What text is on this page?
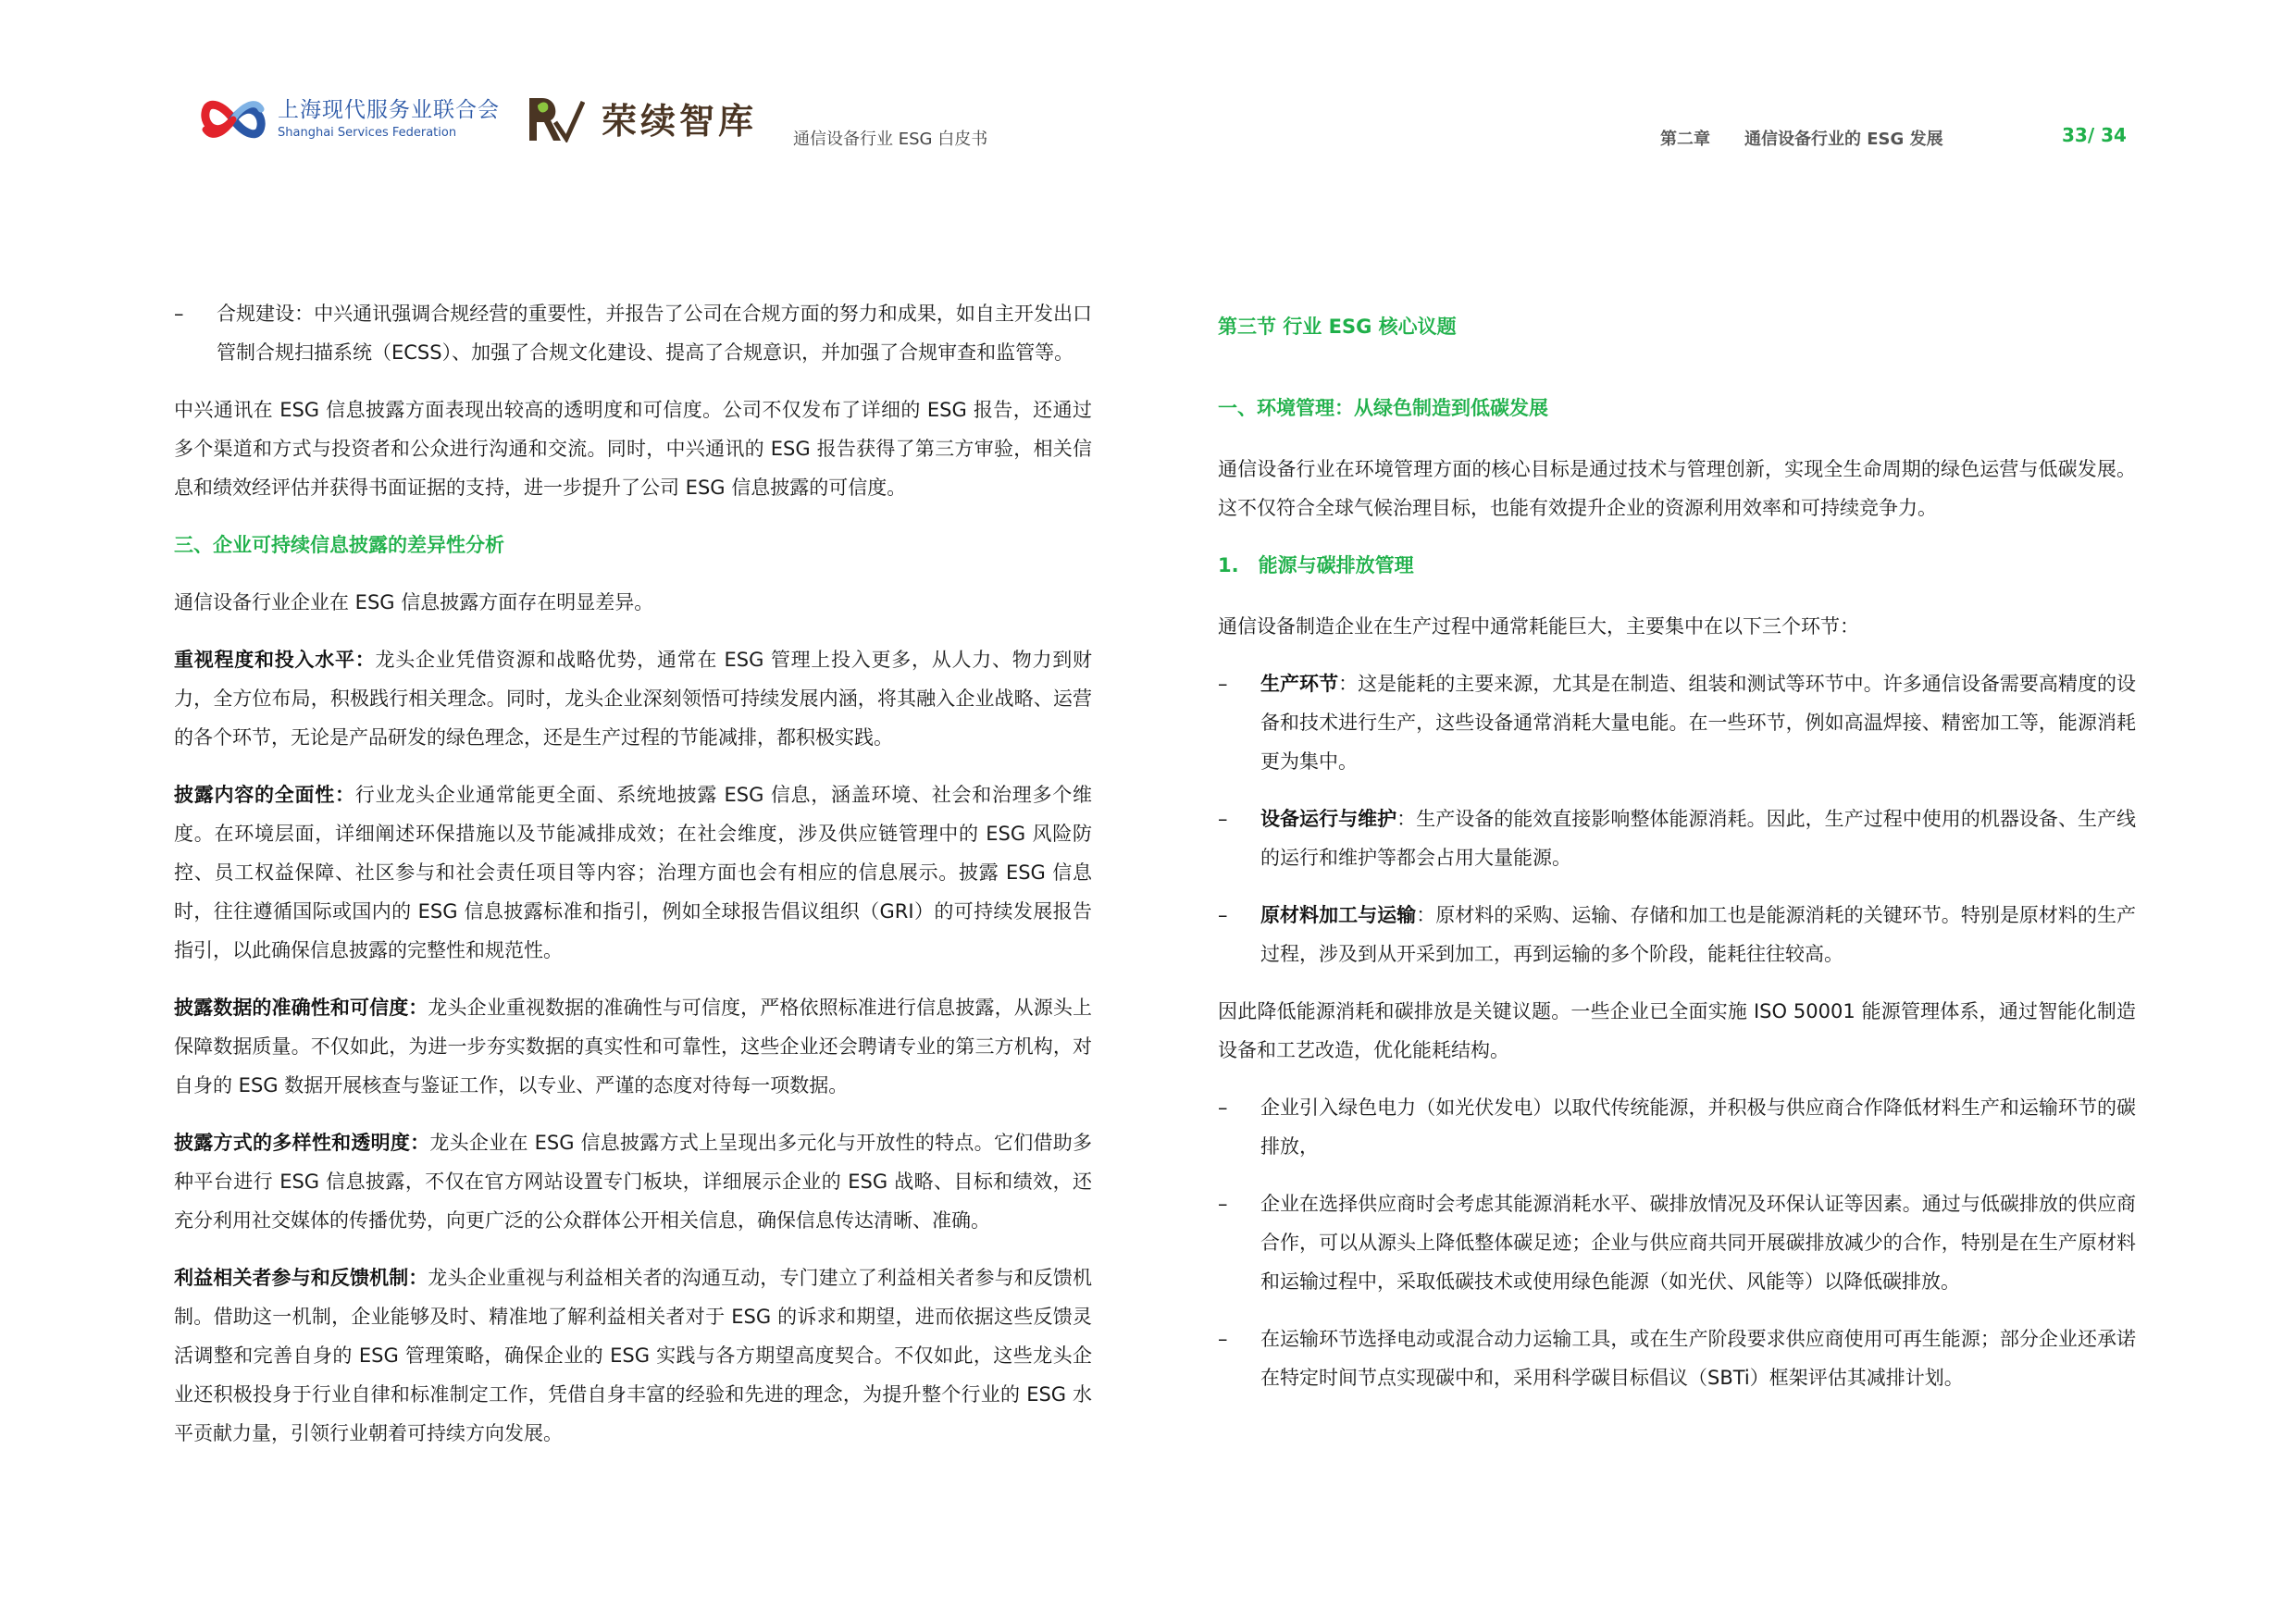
上海现代服务业联合会
Shanghai Services Federation	荣续智库 通信设备行业 ESG 白皮书	第二章 通信设备行业的 ESG 发展	33/ 34
–	合规建设：中兴通讯强调合规经营的重要性，并报告了公司在合规方面的努力和成果，如自主开发出口管制合规扫描系统（ECSS）、加强了合规文化建设、提高了合规意识，并加强了合规审查和监管等。

中兴通讯在 ESG 信息披露方面表现出较高的透明度和可信度。公司不仅发布了详细的 ESG 报告，还通过多个渠道和方式与投资者和公众进行沟通和交流。同时，中兴通讯的 ESG 报告获得了第三方审验，相关信息和绩效经评估并获得书面证据的支持，进一步提升了公司 ESG 信息披露的可信度。

三、企业可持续信息披露的差异性分析

通信设备行业企业在 ESG 信息披露方面存在明显差异。

重视程度和投入水平：龙头企业凭借资源和战略优势，通常在 ESG 管理上投入更多，从人力、物力到财力，全方位布局，积极践行相关理念。同时，龙头企业深刻领悟可持续发展内涵，将其融入企业战略、运营的各个环节，无论是产品研发的绿色理念，还是生产过程的节能减排，都积极实践。

披露内容的全面性：行业龙头企业通常能更全面、系统地披露 ESG 信息，涵盖环境、社会和治理多个维度。在环境层面，详细阐述环保措施以及节能减排成效；在社会维度，涉及供应链管理中的 ESG 风险防控、员工权益保障、社区参与和社会责任项目等内容；治理方面也会有相应的信息展示。披露 ESG 信息时，往往遵循国际或国内的 ESG 信息披露标准和指引，例如全球报告倡议组织（GRI）的可持续发展报告指引，以此确保信息披露的完整性和规范性。

披露数据的准确性和可信度：龙头企业重视数据的准确性与可信度，严格依照标准进行信息披露，从源头上保障数据质量。不仅如此，为进一步夯实数据的真实性和可靠性，这些企业还会聘请专业的第三方机构，对自身的 ESG 数据开展核查与鉴证工作，以专业、严谨的态度对待每一项数据。

披露方式的多样性和透明度：龙头企业在 ESG 信息披露方式上呈现出多元化与开放性的特点。它们借助多种平台进行 ESG 信息披露，不仅在官方网站设置专门板块，详细展示企业的 ESG 战略、目标和绩效，还充分利用社交媒体的传播优势，向更广泛的公众群体公开相关信息，确保信息传达清晰、准确。

利益相关者参与和反馈机制：龙头企业重视与利益相关者的沟通互动，专门建立了利益相关者参与和反馈机制。借助这一机制，企业能够及时、精准地了解利益相关者对于 ESG 的诉求和期望，进而依据这些反馈灵活调整和完善自身的 ESG 管理策略，确保企业的 ESG 实践与各方期望高度契合。不仅如此，这些龙头企业还积极投身于行业自律和标准制定工作，凭借自身丰富的经验和先进的理念，为提升整个行业的 ESG 水平贡献力量，引领行业朝着可持续方向发展。

第三节 行业 ESG 核心议题

一、环境管理：从绿色制造到低碳发展

通信设备行业在环境管理方面的核心目标是通过技术与管理创新，实现全生命周期的绿色运营与低碳发展。这不仅符合全球气候治理目标，也能有效提升企业的资源利用效率和可持续竞争力。

1.　能源与碳排放管理

通信设备制造企业在生产过程中通常耗能巨大，主要集中在以下三个环节：

–	生产环节：这是能耗的主要来源，尤其是在制造、组装和测试等环节中。许多通信设备需要高精度的设备和技术进行生产，这些设备通常消耗大量电能。在一些环节，例如高温焊接、精密加工等，能源消耗更为集中。
–	设备运行与维护：生产设备的能效直接影响整体能源消耗。因此，生产过程中使用的机器设备、生产线的运行和维护等都会占用大量能源。
–	原材料加工与运输：原材料的采购、运输、存储和加工也是能源消耗的关键环节。特别是原材料的生产过程，涉及到从开采到加工，再到运输的多个阶段，能耗往往较高。

因此降低能源消耗和碳排放是关键议题。一些企业已全面实施 ISO 50001 能源管理体系，通过智能化制造设备和工艺改造，优化能耗结构。

–	企业引入绿色电力（如光伏发电）以取代传统能源，并积极与供应商合作降低材料生产和运输环节的碳排放，
–	企业在选择供应商时会考虑其能源消耗水平、碳排放情况及环保认证等因素。通过与低碳排放的供应商合作，可以从源头上降低整体碳足迹；企业与供应商共同开展碳排放减少的合作，特别是在生产原材料和运输过程中，采取低碳技术或使用绿色能源（如光伏、风能等）以降低碳排放。
–	在运输环节选择电动或混合动力运输工具，或在生产阶段要求供应商使用可再生能源；部分企业还承诺在特定时间节点实现碳中和，采用科学碳目标倡议（SBTi）框架评估其减排计划。
